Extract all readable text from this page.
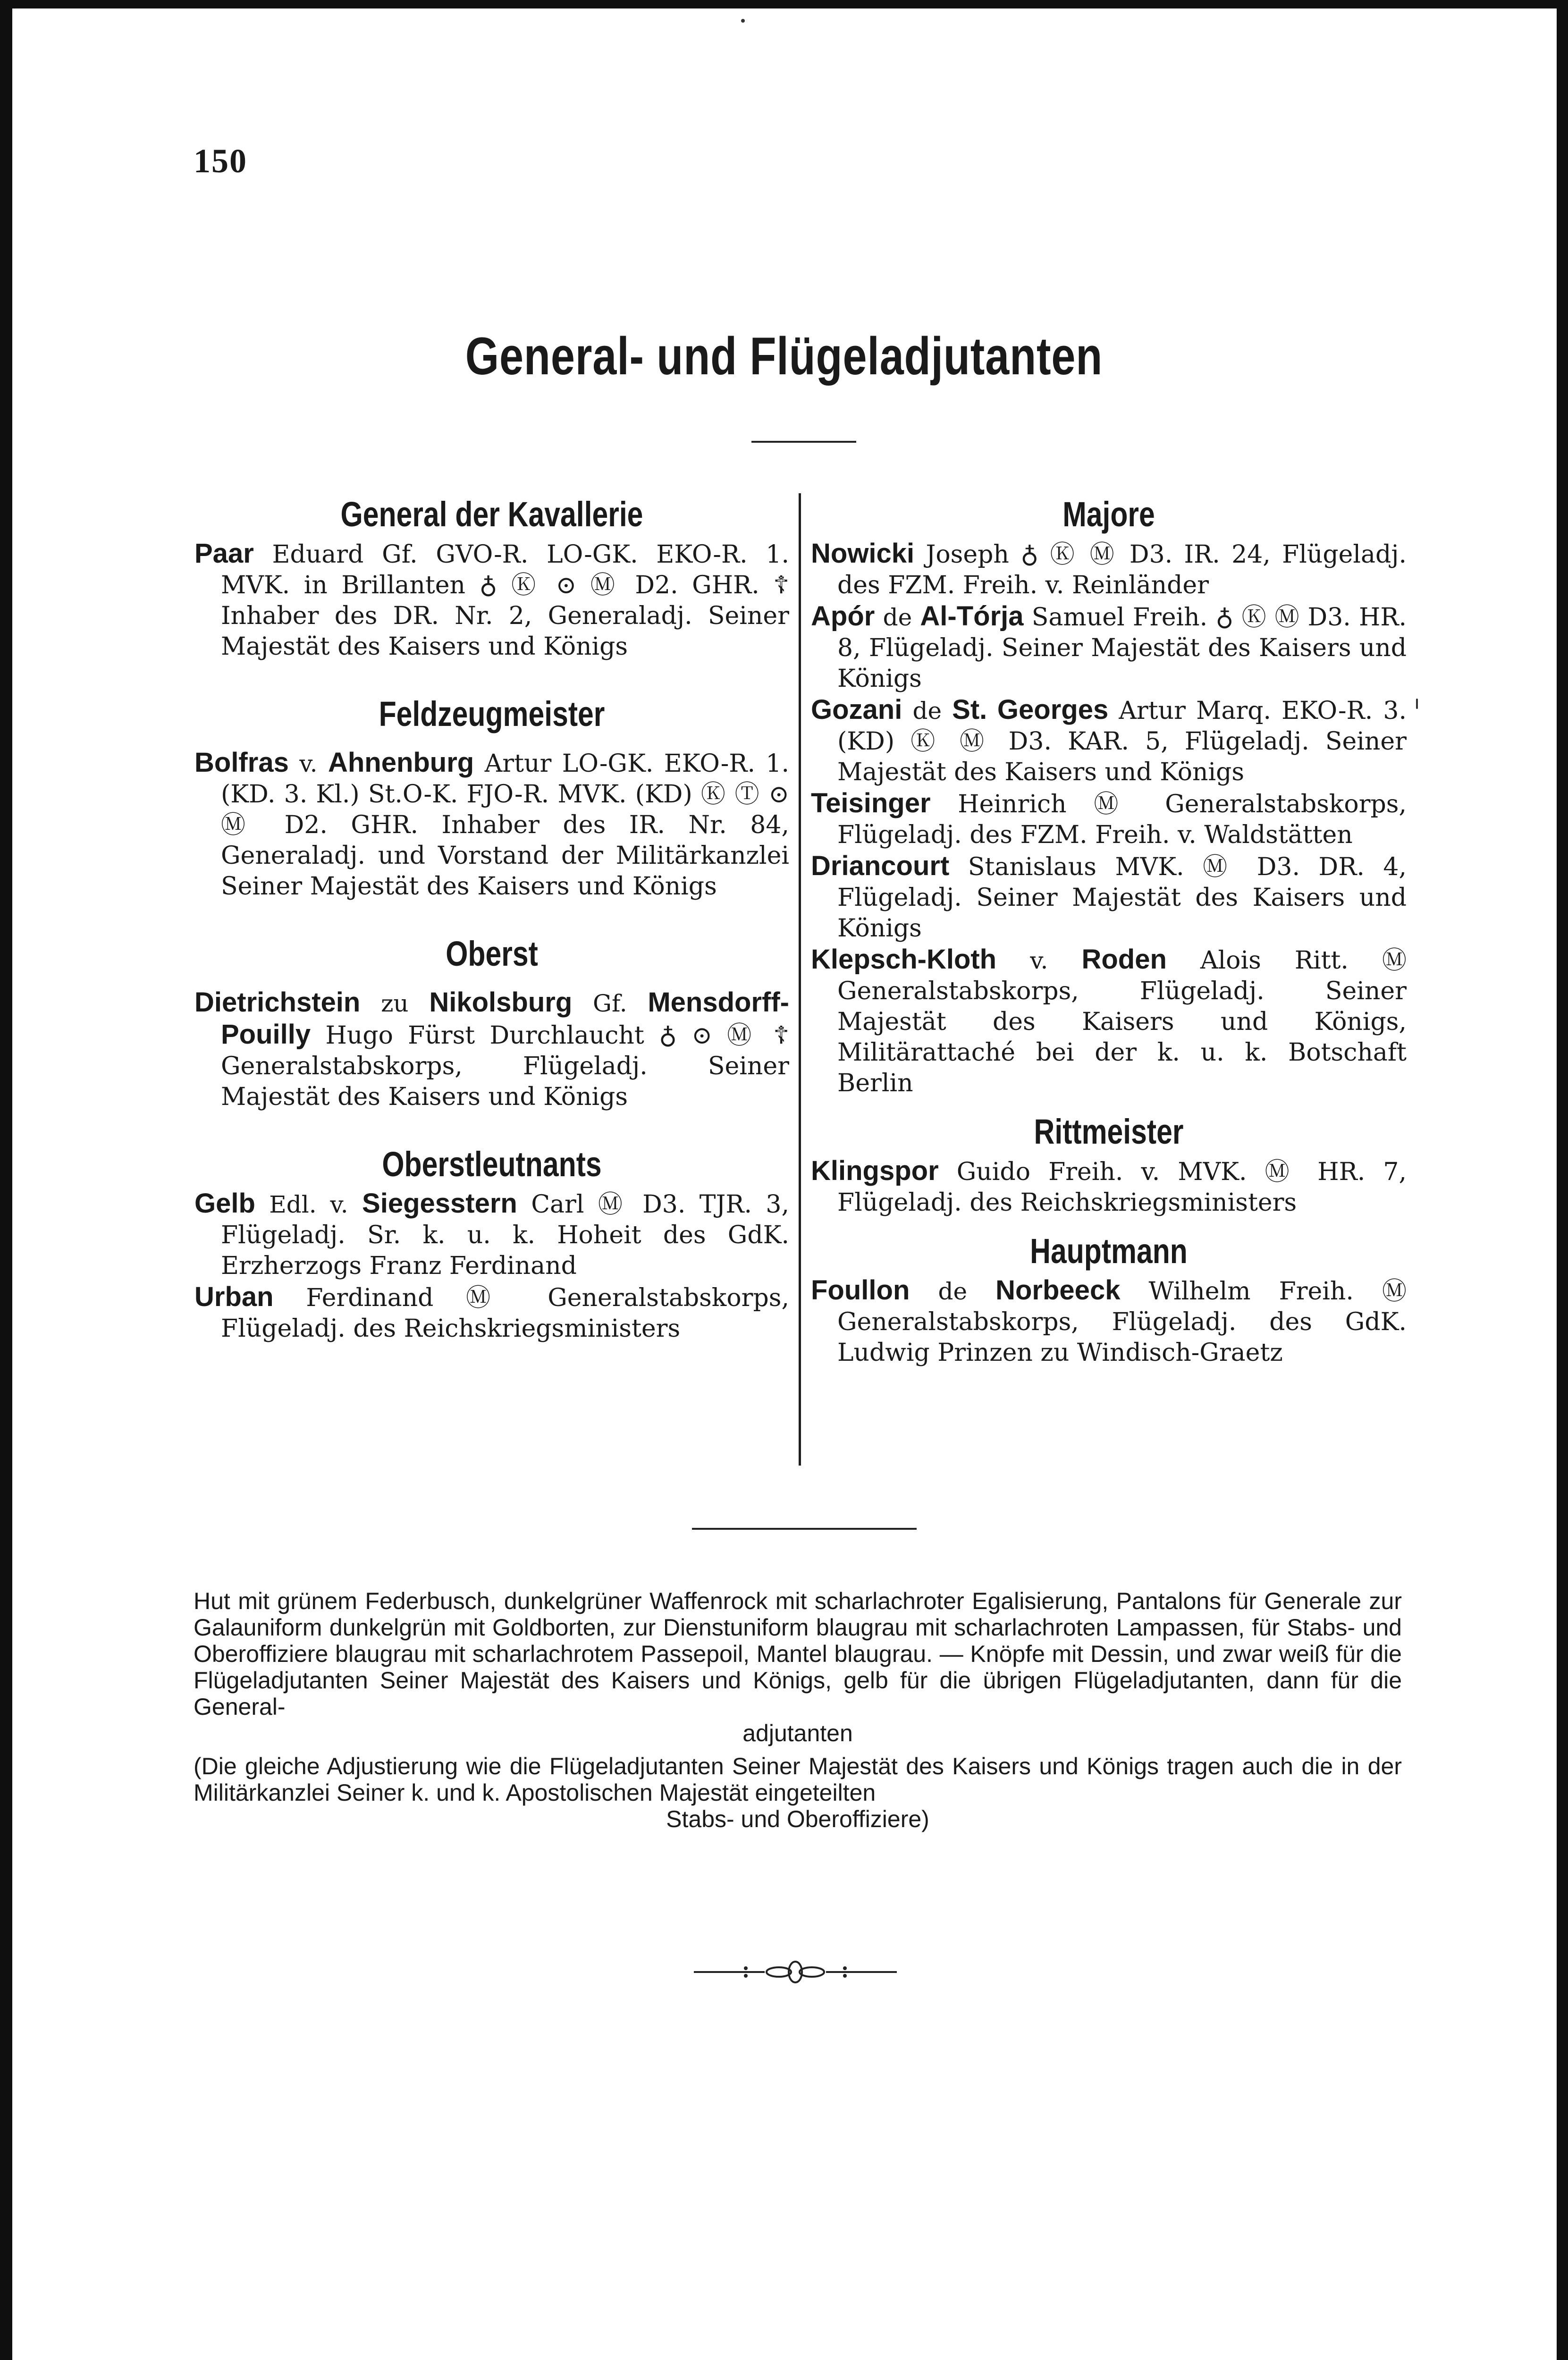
150
General- und Flügeladjutanten
General der Kavallerie

Paar Eduard Gf. GVO-R. LO-GK. EKO-R. 1. MVK. in Brillanten ♁ Ⓚ ⊙ Ⓜ D2. GHR. ☦ Inhaber des DR. Nr. 2, Generaladj. Seiner Majestät des Kaisers und Königs

Feldzeugmeister

Bolfras v. Ahnenburg Artur LO-GK. EKO-R. 1. (KD. 3. Kl.) St.O-K. FJO-R. MVK. (KD) Ⓚ Ⓣ ⊙ Ⓜ D2. GHR. Inhaber des IR. Nr. 84, Generaladj. und Vorstand der Militärkanzlei Seiner Majestät des Kaisers und Königs

Oberst

Dietrichstein zu Nikolsburg Gf. Mensdorff-Pouilly Hugo Fürst Durchlaucht ♁ ⊙ Ⓜ ☦ Generalstabskorps, Flügeladj. Seiner Majestät des Kaisers und Königs

Oberstleutnants

Gelb Edl. v. Siegesstern Carl Ⓜ D3. TJR. 3, Flügeladj. Sr. k. u. k. Hoheit des GdK. Erzherzogs Franz Ferdinand

Urban Ferdinand Ⓜ Generalstabskorps, Flügeladj. des Reichskriegsministers

Majore

Nowicki Joseph ♁ Ⓚ Ⓜ D3. IR. 24, Flügeladj. des FZM. Freih. v. Reinländer

Apór de Al-Tórja Samuel Freih. ♁ Ⓚ Ⓜ D3. HR. 8, Flügeladj. Seiner Majestät des Kaisers und Königs

Gozani de St. Georges Artur Marq. EKO-R. 3. (KD) Ⓚ Ⓜ D3. KAR. 5, Flügeladj. Seiner Majestät des Kaisers und Königs

Teisinger Heinrich Ⓜ Generalstabskorps, Flügeladj. des FZM. Freih. v. Waldstätten

Driancourt Stanislaus MVK. Ⓜ D3. DR. 4, Flügeladj. Seiner Majestät des Kaisers und Königs

Klepsch-Kloth v. Roden Alois Ritt. Ⓜ Generalstabskorps, Flügeladj. Seiner Majestät des Kaisers und Königs, Militärattaché bei der k. u. k. Botschaft Berlin

Rittmeister

Klingspor Guido Freih. v. MVK. Ⓜ HR. 7, Flügeladj. des Reichskriegsministers

Hauptmann

Foullon de Norbeeck Wilhelm Freih. Ⓜ Generalstabskorps, Flügeladj. des GdK. Ludwig Prinzen zu Windisch-Graetz

Hut mit grünem Federbusch, dunkelgrüner Waffenrock mit scharlachroter Egalisierung, Pantalons für Generale zur Galauniform dunkelgrün mit Goldborten, zur Dienstuniform blaugrau mit scharlachroten Lampassen, für Stabs- und Oberoffiziere blaugrau mit scharlachrotem Passepoil, Mantel blaugrau. — Knöpfe mit Dessin, und zwar weiß für die Flügeladjutanten Seiner Majestät des Kaisers und Königs, gelb für die übrigen Flügeladjutanten, dann für die General-

adjutanten

(Die gleiche Adjustierung wie die Flügeladjutanten Seiner Majestät des Kaisers und Königs tragen auch die in der Militärkanzlei Seiner k. und k. Apostolischen Majestät eingeteilten

Stabs- und Oberoffiziere)
